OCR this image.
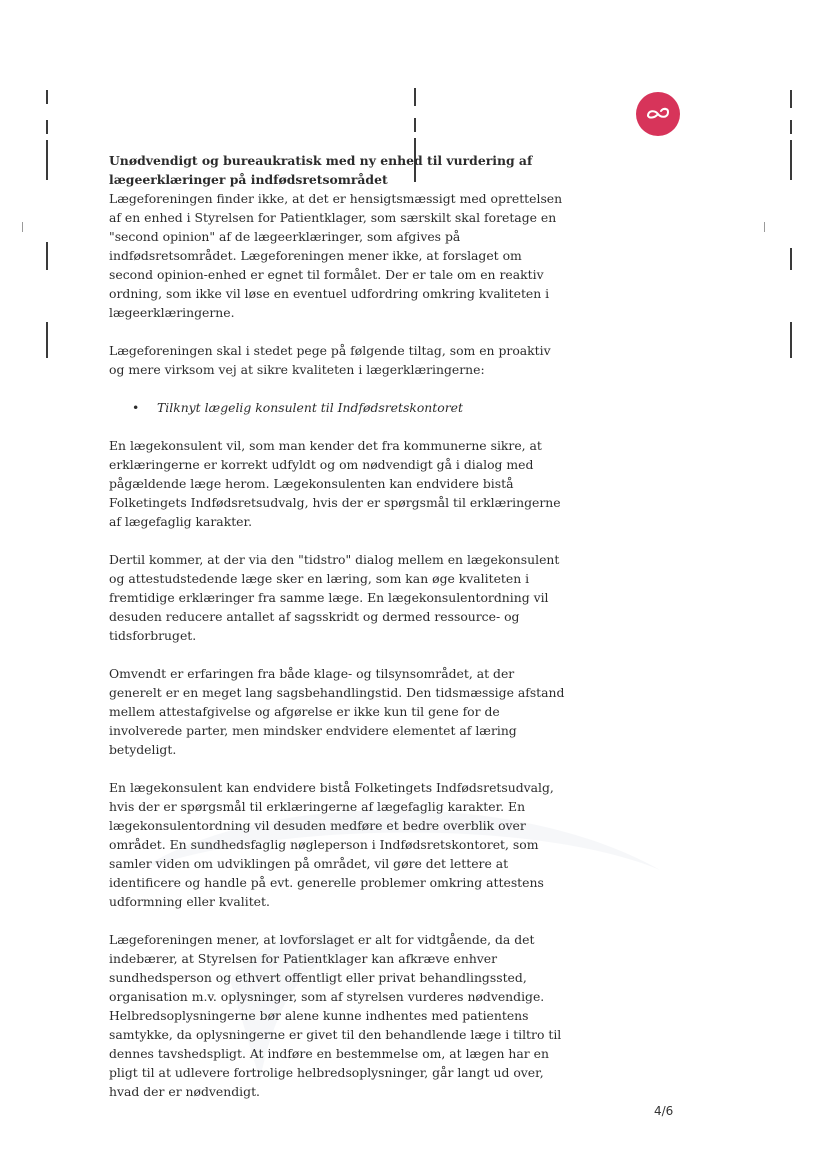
Unødvendigt og bureaukratisk med ny enhed til vurdering af lægeerklæringer på indfødsretsområdet

Lægeforeningen finder ikke, at det er hensigtsmæssigt med oprettelsen af en enhed i Styrelsen for Patientklager, som særskilt skal foretage en "second opinion" af de lægeerklæringer, som afgives på indfødsretsområdet. Lægeforeningen mener ikke, at forslaget om second opinion-enhed er egnet til formålet. Der er tale om en reaktiv ordning, som ikke vil løse en eventuel udfordring omkring kvaliteten i lægeerklæringerne.

Lægeforeningen skal i stedet pege på følgende tiltag, som en proaktiv og mere virksom vej at sikre kvaliteten i lægerklæringerne:

•	Tilknyt lægelig konsulent til Indfødsretskontoret

En lægekonsulent vil, som man kender det fra kommunerne sikre, at erklæringerne er korrekt udfyldt og om nødvendigt gå i dialog med pågældende læge herom. Lægekonsulenten kan endvidere bistå Folketingets Indfødsretsudvalg, hvis der er spørgsmål til erklæringerne af lægefaglig karakter.

Dertil kommer, at der via den "tidstro" dialog mellem en lægekonsulent og attestudstedende læge sker en læring, som kan øge kvaliteten i fremtidige erklæringer fra samme læge. En lægekonsulentordning vil desuden reducere antallet af sagsskridt og dermed ressource- og tidsforbruget.

Omvendt er erfaringen fra både klage- og tilsynsområdet, at der generelt er en meget lang sagsbehandlingstid. Den tidsmæssige afstand mellem attestafgivelse og afgørelse er ikke kun til gene for de involverede parter, men mindsker endvidere elementet af læring betydeligt.

En lægekonsulent kan endvidere bistå Folketingets Indfødsretsudvalg, hvis der er spørgsmål til erklæringerne af lægefaglig karakter. En lægekonsulentordning vil desuden medføre et bedre overblik over området. En sundhedsfaglig nøgleperson i Indfødsretskontoret, som samler viden om udviklingen på området, vil gøre det lettere at identificere og handle på evt. generelle problemer omkring attestens udformning eller kvalitet.

Lægeforeningen mener, at lovforslaget er alt for vidtgående, da det indebærer, at Styrelsen for Patientklager kan afkræve enhver sundhedsperson og ethvert offentligt eller privat behandlingssted, organisation m.v. oplysninger, som af styrelsen vurderes nødvendige. Helbredsoplysningerne bør alene kunne indhentes med patientens samtykke, da oplysningerne er givet til den behandlende læge i tiltro til dennes tavshedspligt. At indføre en bestemmelse om, at lægen har en pligt til at udlevere fortrolige helbredsoplysninger, går langt ud over, hvad der er nødvendigt.

4/6
